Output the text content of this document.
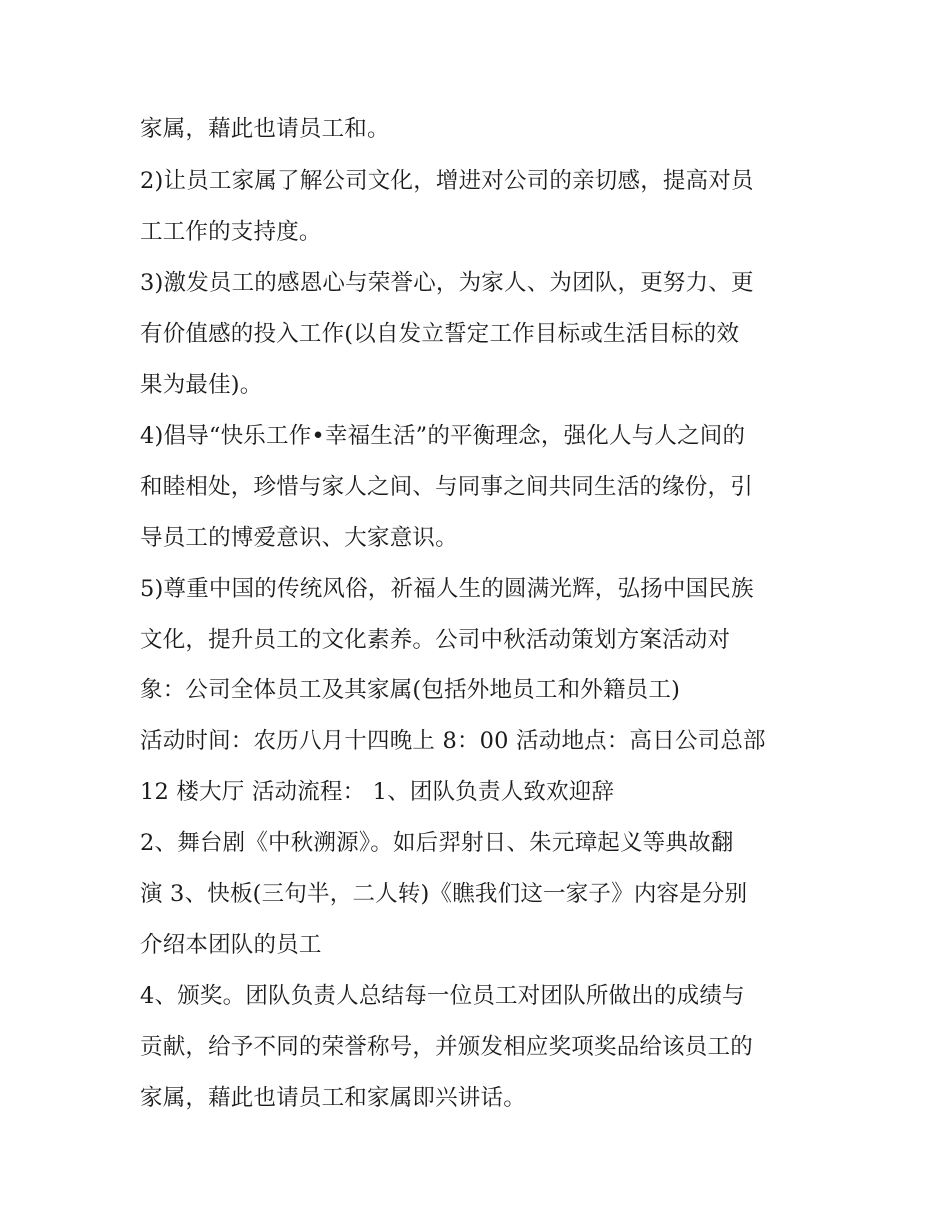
家属，藉此也请员工和。
2)让员工家属了解公司文化，增进对公司的亲切感，提高对员
工工作的支持度。
3)激发员工的感恩心与荣誉心，为家人、为团队，更努力、更
有价值感的投入工作(以自发立誓定工作目标或生活目标的效
果为最佳)。
4)倡导“快乐工作•幸福生活”的平衡理念，强化人与人之间的
和睦相处，珍惜与家人之间、与同事之间共同生活的缘份，引
导员工的博爱意识、大家意识。
5)尊重中国的传统风俗，祈福人生的圆满光辉，弘扬中国民族
文化，提升员工的文化素养。公司中秋活动策划方案活动对
象：公司全体员工及其家属(包括外地员工和外籍员工)
活动时间：农历八月十四晚上 8：00 活动地点：高日公司总部
12 楼大厅 活动流程： 1、团队负责人致欢迎辞
2、舞台剧《中秋溯源》。如后羿射日、朱元璋起义等典故翻
演 3、快板(三句半，二人转)《瞧我们这一家子》内容是分别
介绍本团队的员工
4、颁奖。团队负责人总结每一位员工对团队所做出的成绩与
贡献，给予不同的荣誉称号，并颁发相应奖项奖品给该员工的
家属，藉此也请员工和家属即兴讲话。
